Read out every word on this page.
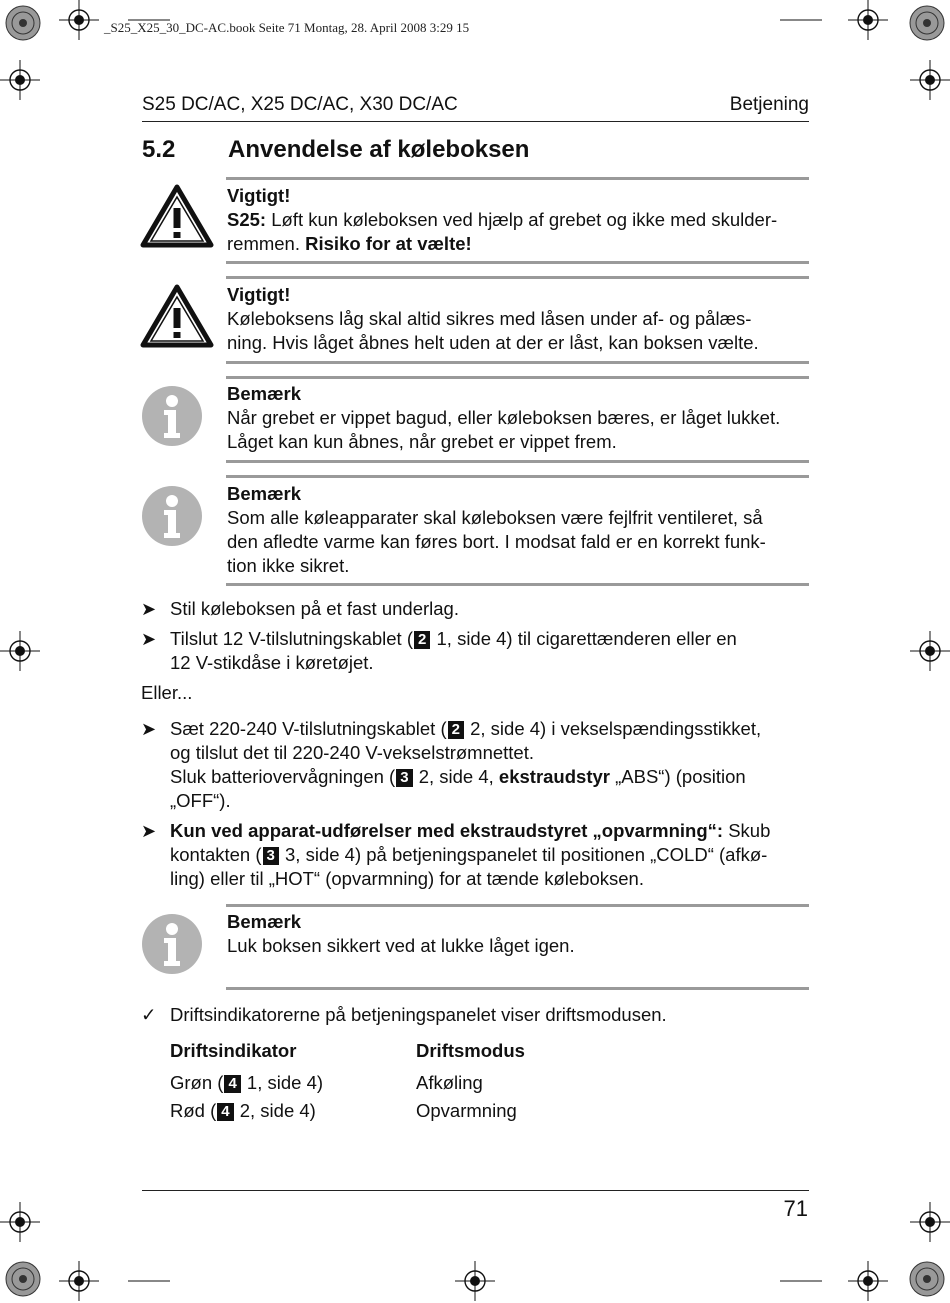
_S25_X25_30_DC-AC.book Seite 71 Montag, 28. April 2008 3:29 15
S25 DC/AC, X25 DC/AC, X30 DC/AC	Betjening
5.2 Anvendelse af køleboksen
Vigtigt!
S25: Løft kun køleboksen ved hjælp af grebet og ikke med skulder-
remmen. Risiko for at vælte!
Vigtigt!
Køleboksens låg skal altid sikres med låsen under af- og pålæs-
ning. Hvis låget åbnes helt uden at der er låst, kan boksen vælte.
Bemærk
Når grebet er vippet bagud, eller køleboksen bæres, er låget lukket.
Låget kan kun åbnes, når grebet er vippet frem.
Bemærk
Som alle køleapparater skal køleboksen være fejlfrit ventileret, så
den afledte varme kan føres bort. I modsat fald er en korrekt funk-
tion ikke sikret.
➤ Stil køleboksen på et fast underlag.
➤ Tilslut 12 V-tilslutningskablet ( 2 1, side 4) til cigarettænderen eller en
12 V-stikdåse i køretøjet.
Eller...
➤ Sæt 220-240 V-tilslutningskablet ( 2 2, side 4) i vekselspændingsstikket,
og tilslut det til 220-240 V-vekselstrømnettet.
Sluk batteriovervågningen ( 3 2, side 4, ekstraudstyr „ABS“) (position
„OFF“).
➤ Kun ved apparat-udførelser med ekstraudstyret „opvarmning“: Skub
kontakten ( 3 3, side 4) på betjeningspanelet til positionen „COLD“ (afkø-
ling) eller til „HOT“ (opvarmning) for at tænde køleboksen.
Bemærk
Luk boksen sikkert ved at lukke låget igen.
✓ Driftsindikatorerne på betjeningspanelet viser driftsmodusen.
Driftsindikator	Driftsmodus
Grøn ( 4 1, side 4)	Afkøling
Rød ( 4 2, side 4)	Opvarmning
71
